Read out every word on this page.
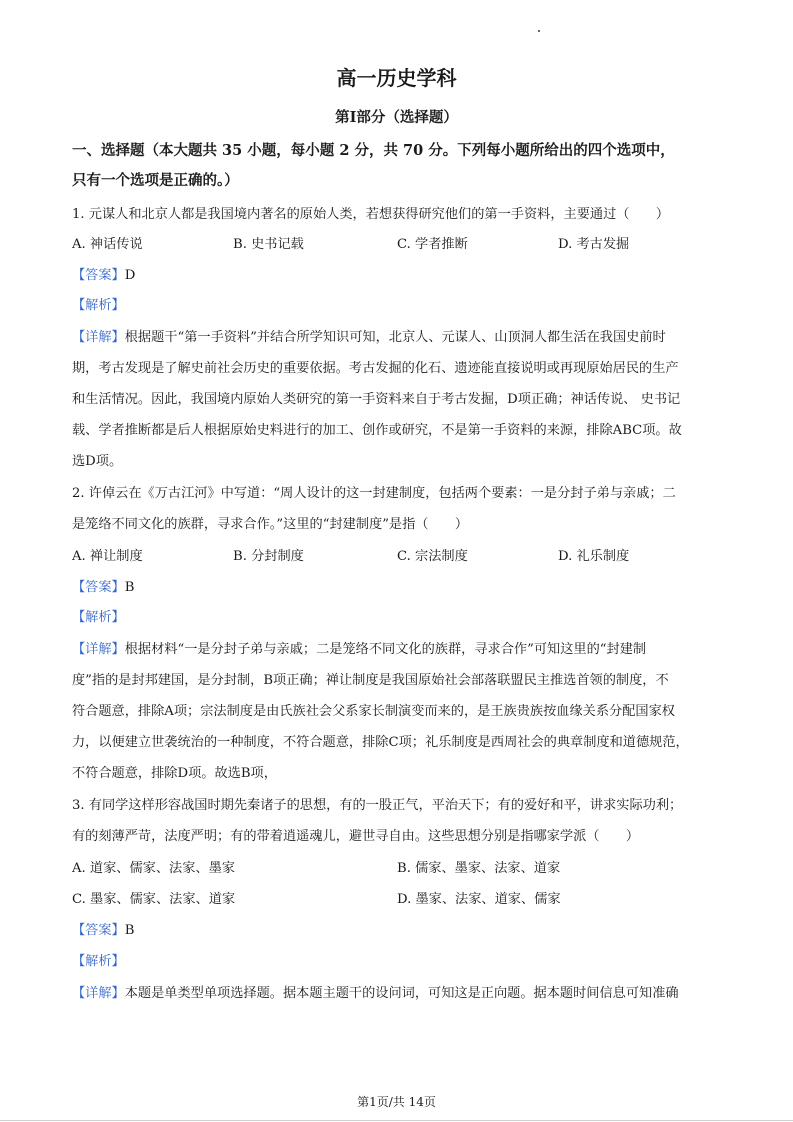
高一历史学科
第Ⅰ部分（选择题）
一、选择题（本大题共 35 小题，每小题 2 分，共 70 分。下列每小题所给出的四个选项中，
只有一个选项是正确的。）
1. 元谋人和北京人都是我国境内著名的原始人类，若想获得研究他们的第一手资料，主要通过（　　）
A. 神话传说	B. 史书记载	C. 学者推断	D. 考古发掘
【答案】D
【解析】
【详解】根据题干“第一手资料”并结合所学知识可知，北京人、元谋人、山顶洞人都生活在我国史前时
期，考古发现是了解史前社会历史的重要依据。考古发掘的化石、遗迹能直接说明或再现原始居民的生产
和生活情况。因此，我国境内原始人类研究的第一手资料来自于考古发掘，D项正确；神话传说、 史书记
载、学者推断都是后人根据原始史料进行的加工、创作或研究，不是第一手资料的来源，排除ABC项。故
选D项。
2. 许倬云在《万古江河》中写道：“周人设计的这一封建制度，包括两个要素：一是分封子弟与亲戚；二
是笼络不同文化的族群，寻求合作。”这里的“封建制度”是指（　　）
A. 禅让制度	B. 分封制度	C. 宗法制度	D. 礼乐制度
【答案】B
【解析】
【详解】根据材料“一是分封子弟与亲戚；二是笼络不同文化的族群，寻求合作”可知这里的“封建制
度”指的是封邦建国，是分封制，B项正确；禅让制度是我国原始社会部落联盟民主推选首领的制度，不
符合题意，排除A项；宗法制度是由氏族社会父系家长制演变而来的，是王族贵族按血缘关系分配国家权
力，以便建立世袭统治的一种制度，不符合题意，排除C项；礼乐制度是西周社会的典章制度和道德规范，
不符合题意，排除D项。故选B项，
3. 有同学这样形容战国时期先秦诸子的思想，有的一股正气，平治天下；有的爱好和平，讲求实际功利；
有的刻薄严苛，法度严明；有的带着逍遥魂儿，避世寻自由。这些思想分别是指哪家学派（　　）
A. 道家、儒家、法家、墨家	B. 儒家、墨家、法家、道家
C. 墨家、儒家、法家、道家	D. 墨家、法家、道家、儒家
【答案】B
【解析】
【详解】本题是单类型单项选择题。据本题主题干的设问词，可知这是正向题。据本题时间信息可知准确
第1页/共 14页
